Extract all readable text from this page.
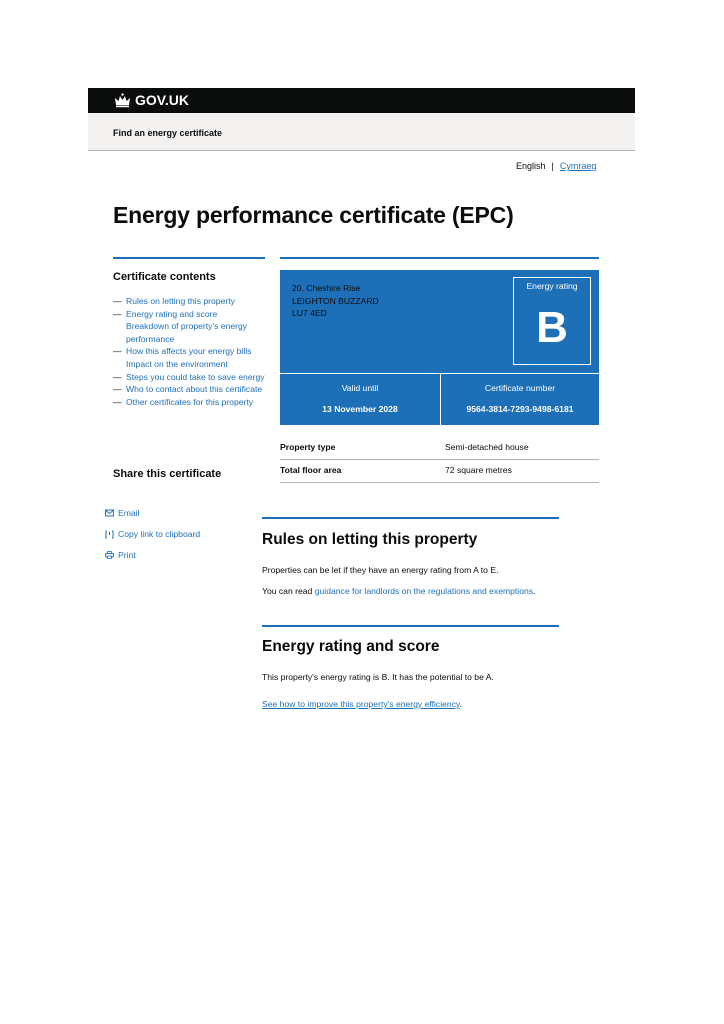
GOV.UK
Find an energy certificate
English | Cymraeg
Energy performance certificate (EPC)
Certificate contents
— Rules on letting this property
— Energy rating and score
Breakdown of property's energy performance
— How this affects your energy bills
Impact on the environment
— Steps you could take to save energy
— Who to contact about this certificate
— Other certificates for this property
Share this certificate
Email
Copy link to clipboard
Print
20, Cheshire Rise
LEIGHTON BUZZARD
LU7 4ED
Energy rating
B
Valid until
13 November 2028
Certificate number
9564-3814-7293-9498-6181
Property type	Semi-detached house
Total floor area	72 square metres
Rules on letting this property
Properties can be let if they have an energy rating from A to E.
You can read guidance for landlords on the regulations and exemptions.
Energy rating and score
This property's energy rating is B. It has the potential to be A.
See how to improve this property's energy efficiency.
